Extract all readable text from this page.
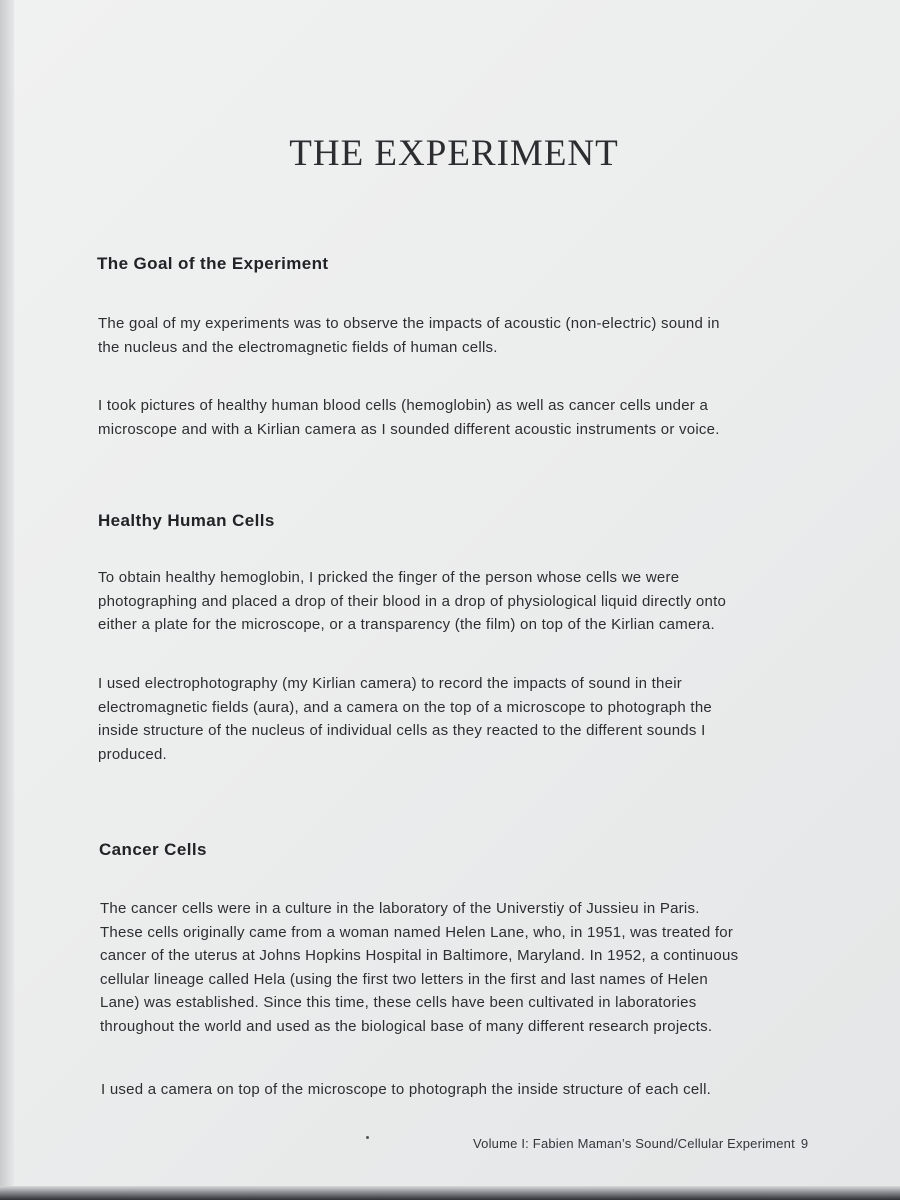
THE EXPERIMENT
The Goal of the Experiment

The goal of my experiments was to observe the impacts of acoustic (non-electric) sound in
the nucleus and the electromagnetic fields of human cells.

I took pictures of healthy human blood cells (hemoglobin) as well as cancer cells under a
microscope and with a Kirlian camera as I sounded different acoustic instruments or voice.

Healthy Human Cells

To obtain healthy hemoglobin, I pricked the finger of the person whose cells we were
photographing and placed a drop of their blood in a drop of physiological liquid directly onto
either a plate for the microscope, or a transparency (the film) on top of the Kirlian camera.

I used electrophotography (my Kirlian camera) to record the impacts of sound in their
electromagnetic fields (aura), and a camera on the top of a microscope to photograph the
inside structure of the nucleus of individual cells as they reacted to the different sounds I
produced.

Cancer Cells

The cancer cells were in a culture in the laboratory of the Universtiy of Jussieu in Paris.
These cells originally came from a woman named Helen Lane, who, in 1951, was treated for
cancer of the uterus at Johns Hopkins Hospital in Baltimore, Maryland. In 1952, a continuous
cellular lineage called Hela (using the first two letters in the first and last names of Helen
Lane) was established. Since this time, these cells have been cultivated in laboratories
throughout the world and used as the biological base of many different research projects.

I used a camera on top of the microscope to photograph the inside structure of each cell.

Volume I: Fabien Maman’s Sound/Cellular Experiment 9
